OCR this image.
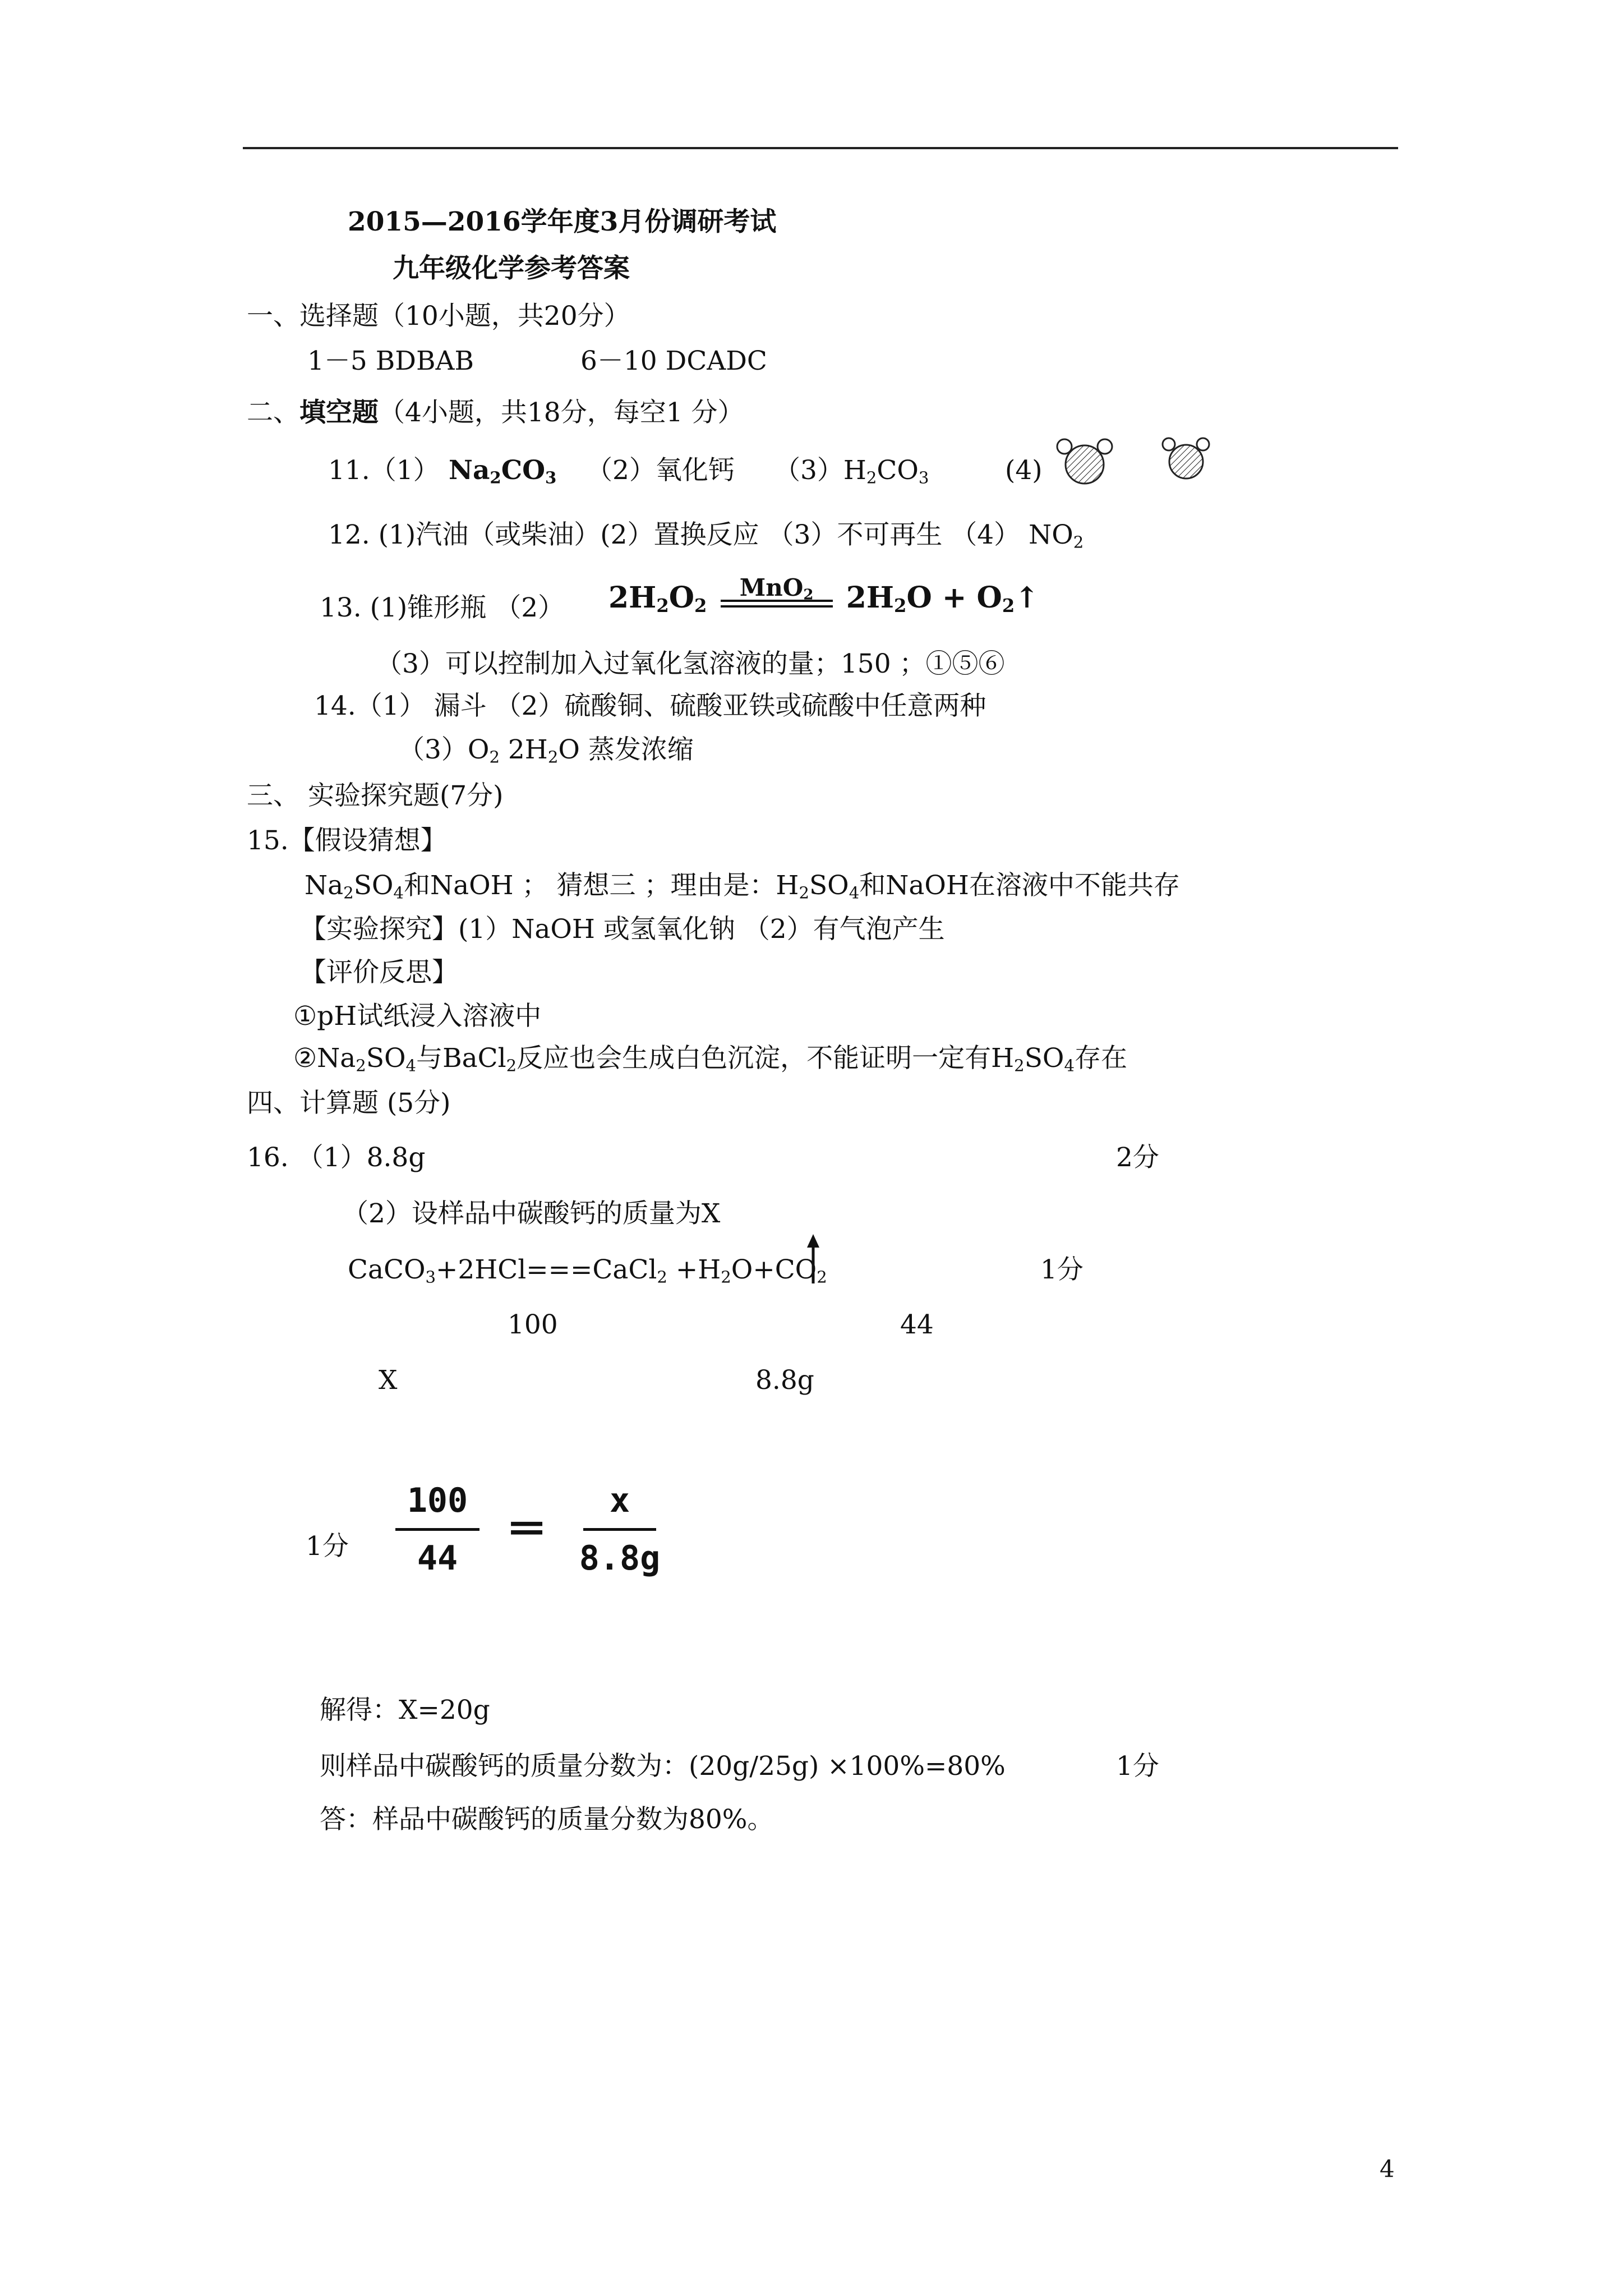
2015—2016学年度3月份调研考试
九年级化学参考答案
一、选择题（10小题，共20分）
1－5 BDBAB	6－10 DCADC
二、填空题（4小题，共18分，每空1 分）
11.（1） $Na_2CO_3$ （2）氧化钙 $(3)H_2CO_3$	(4)
12. (1)汽油（或柴油）(2）置换反应 （3）不可再生 （4） $NO_2$
13. (1)锥形瓶 （2） $2H_2O_2$
MnO$_2$	$2H_2O$ + $O_2↑$
（3）可以控制加入过氧化氢溶液的量；150 ；①⑤⑥
14.（1） 漏斗 （2）硫酸铜、硫酸亚铁或硫酸中任意两种
$(3)O_2$ $2H_2O$ 蒸发浓缩
三、 实验探究题(7分)
15.【假设猜想】
$Na_2SO_4$和NaOH ； 猜想三 ；理由是：$H_2SO_4$和NaOH在溶液中不能共存
【实验探究】(1）NaOH 或氢氧化钠 （2）有气泡产生
【评价反思】
①pH试纸浸入溶液中
$②Na_2SO_4$与BaCl$_2$反应也会生成白色沉淀，不能证明一定有$H_2SO_4$存在
四、计算题 (5分)
16. （1）8.8g	2分
（2）设样品中碳酸钙的质量为X
CaCO$_3$+2HCl===CaCl$_2$ $+H_2O+CO_2$	1分
100	44
X	8.8g
1分
100
44
═ x
8.8g
解得：X=20g
则样品中碳酸钙的质量分数为：(20g/25g) ×100%=80%	1分
答：样品中碳酸钙的质量分数为80%。
4
